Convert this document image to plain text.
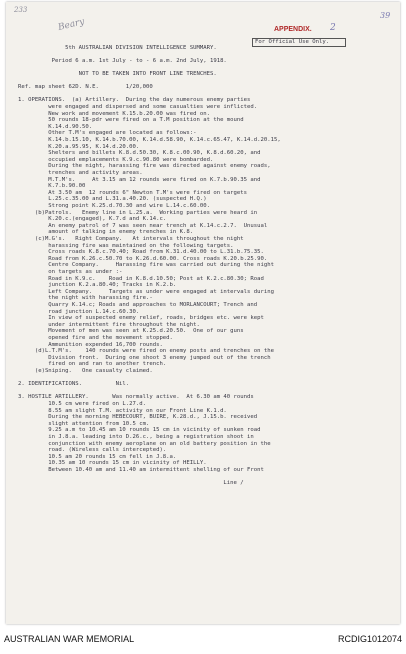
233
Beary	APPENDIX. 2
39
For Official Use Only.
5th AUSTRALIAN DIVISION INTELLIGENCE SUMMARY.
Period 6 a.m. 1st July - to - 6 a.m. 2nd July, 1918.
NOT TO BE TAKEN INTO FRONT LINE TRENCHES.
Ref. map sheet 62D. N.E.        1/20,000
1. OPERATIONS.  (a) Artillery.  During the day numerous enemy parties
were engaged and dispersed and some casualties were inflicted.
New work and movement K.15.b.20.00 was fired on.
50 rounds 18-pdr were fired on a T.M position at the mound
K.14.d.90.50.
Other T.M's engaged are located as follows:-
K.14.b.15.10, K.14.b.70.00, K.14.d.58.90, K.14.c.65.47, K.14.d.20.15,
K.20.a.95.95, K.14.d.20.00.
Shelters and billets K.8.d.50.30, K.8.c.00.90, K.8.d.60.20, and
occupied emplacements K.9.c.90.80 were bombarded.
During the night, harassing fire was directed against enemy roads,
trenches and activity areas.
M.T.M's.     At 3.15 am 12 rounds were fired on K.7.b.90.35 and
K.7.b.90.00
At 3.50 am  12 rounds 6" Newton T.M's were fired on targets
L.25.c.35.00 and L.31.a.40.20. (suspected H.Q.)
Strong point K.25.d.70.30 and wire L.14.c.60.00.
(b)Patrols.   Enemy line in L.25.a.  Working parties were heard in
K.20.c.(engaged), K.7.d and K.14.c.
An enemy patrol of 7 was seen near trench at K.14.c.2.7.  Unusual
amount of talking in enemy trenches in K.8.
(c)M.G's.   Right Company.   At intervals throughout the night
harassing fire was maintained on the following targets.
Cross roads K.8.c.70.40; Road from K.31.d.40.00 to L.31.b.75.35.
Road from K.26.c.50.70 to K.26.d.60.00. Cross roads K.20.b.25.90.
Centre Company.     Harassing fire was carried out during the night
on targets as under :-
Road in K.9.c.    Road in K.8.d.10.50; Post at K.2.c.80.30; Road
junction K.2.a.80.40; Tracks in K.2.b.
Left Company.     Targets as under were engaged at intervals during
the night with harassing fire.-
Quarry K.14.c; Roads and approaches to MORLANCOURT; Trench and
road junction L.14.c.60.30.
In view of suspected enemy relief, roads, bridges etc. were kept
under intermittent fire throughout the night.
Movement of men was seen at K.25.d.20.50.  One of our guns
opened fire and the movement stopped.
Ammunition expended 16,700 rounds.
(d)L.T.M's.    140 rounds were fired on enemy posts and trenches on the
Division front.  During one shoot 3 enemy jumped out of the trench
fired on and ran to another trench.
(e)Sniping.   One casualty claimed.
2. IDENTIFICATIONS.          Nil.
3. HOSTILE ARTILLERY.       Was normally active.  At 6.30 am 40 rounds
10.5 cm were fired on L.27.d.
8.55 am slight T.M. activity on our Front Line K.1.d.
During the morning HEBECOURT, BUIRE, K.28.d., J.15.b. received
slight attention from 10.5 cm.
9.25 a.m to 10.45 am 10 rounds 15 cm in vicinity of sunken road
in J.8.a. leading into D.26.c., being a registration shoot in
conjunction with enemy aeroplane on an old battery position in the
road. (Wireless calls intercepted).
10.5 am 20 rounds 15 cm fell in J.8.a.
10.35 am 10 rounds 15 cm in vicinity of HEILLY.
Between 10.40 am and 11.40 am intermittent shelling of our Front
Line /
AUSTRALIAN WAR MEMORIAL	RCDIG1012074
